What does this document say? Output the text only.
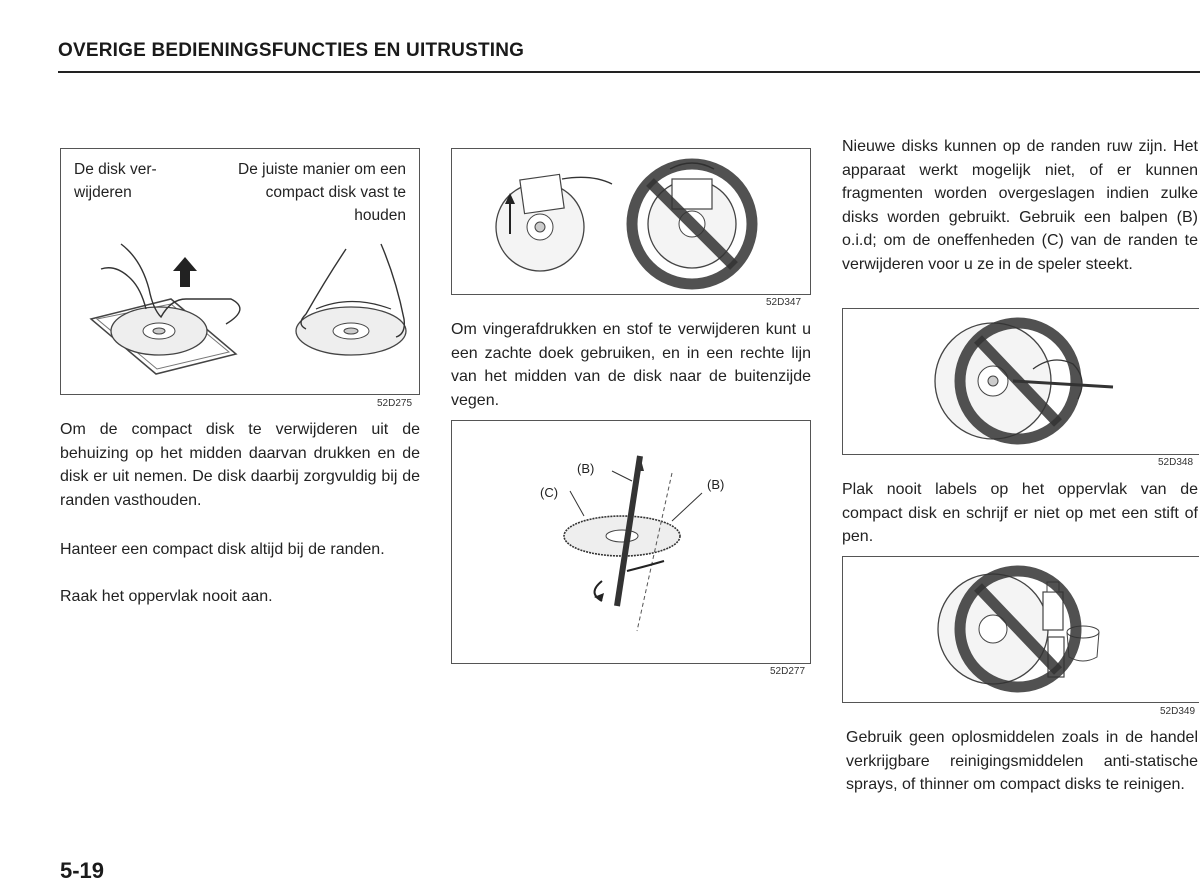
OVERIGE BEDIENINGSFUNCTIES EN UITRUSTING
De disk ver- wijderen
De juiste manier om een compact disk vast te houden
52D275
Om de compact disk te verwijderen uit de behuizing op het midden daarvan drukken en de disk er uit nemen. De disk daarbij zorgvuldig bij de randen vasthouden.
Hanteer een compact disk altijd bij de randen.
Raak het oppervlak nooit aan.
52D347
Om vingerafdrukken en stof te verwijderen kunt u een zachte doek gebruiken, en in een rechte lijn van het midden van de disk naar de buitenzijde vegen.
(B)
(C)
(B)
52D277
Nieuwe disks kunnen op de randen ruw zijn. Het apparaat werkt mogelijk niet, of er kunnen fragmenten worden overgeslagen indien zulke disks worden gebruikt. Gebruik een balpen (B) o.i.d; om de oneffenheden (C) van de randen te verwijderen voor u ze in de speler steekt.
52D348
Plak nooit labels op het oppervlak van de compact disk en schrijf er niet op met een stift of pen.
52D349
Gebruik geen oplosmiddelen zoals in de handel verkrijgbare reinigingsmiddelen anti-statische sprays, of thinner om compact disks te reinigen.
5-19
